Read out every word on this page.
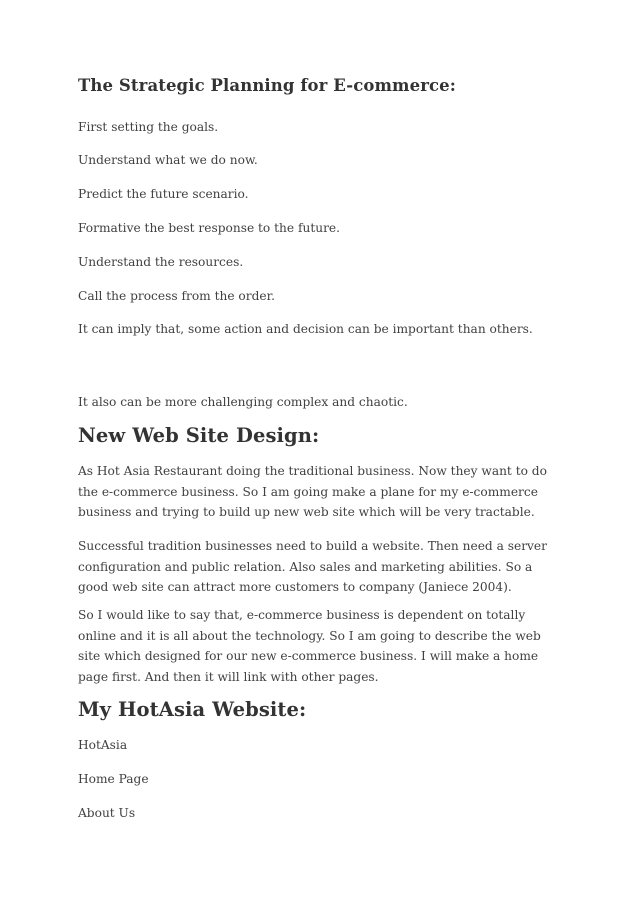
The Strategic Planning for E-commerce:

First setting the goals.

Understand what we do now.

Predict the future scenario.

Formative the best response to the future.

Understand the resources.

Call the process from the order.

It can imply that, some action and decision can be important than others.

It also can be more challenging complex and chaotic.

New Web Site Design:

As Hot Asia Restaurant doing the traditional business. Now they want to do the e-commerce business. So I am going make a plane for my e-commerce business and trying to build up new web site which will be very tractable.

Successful tradition businesses need to build a website. Then need a server configuration and public relation. Also sales and marketing abilities. So a good web site can attract more customers to company (Janiece 2004).

So I would like to say that, e-commerce business is dependent on totally online and it is all about the technology. So I am going to describe the web site which designed for our new e-commerce business. I will make a home page first. And then it will link with other pages.

My HotAsia Website:

HotAsia

Home Page

About Us
